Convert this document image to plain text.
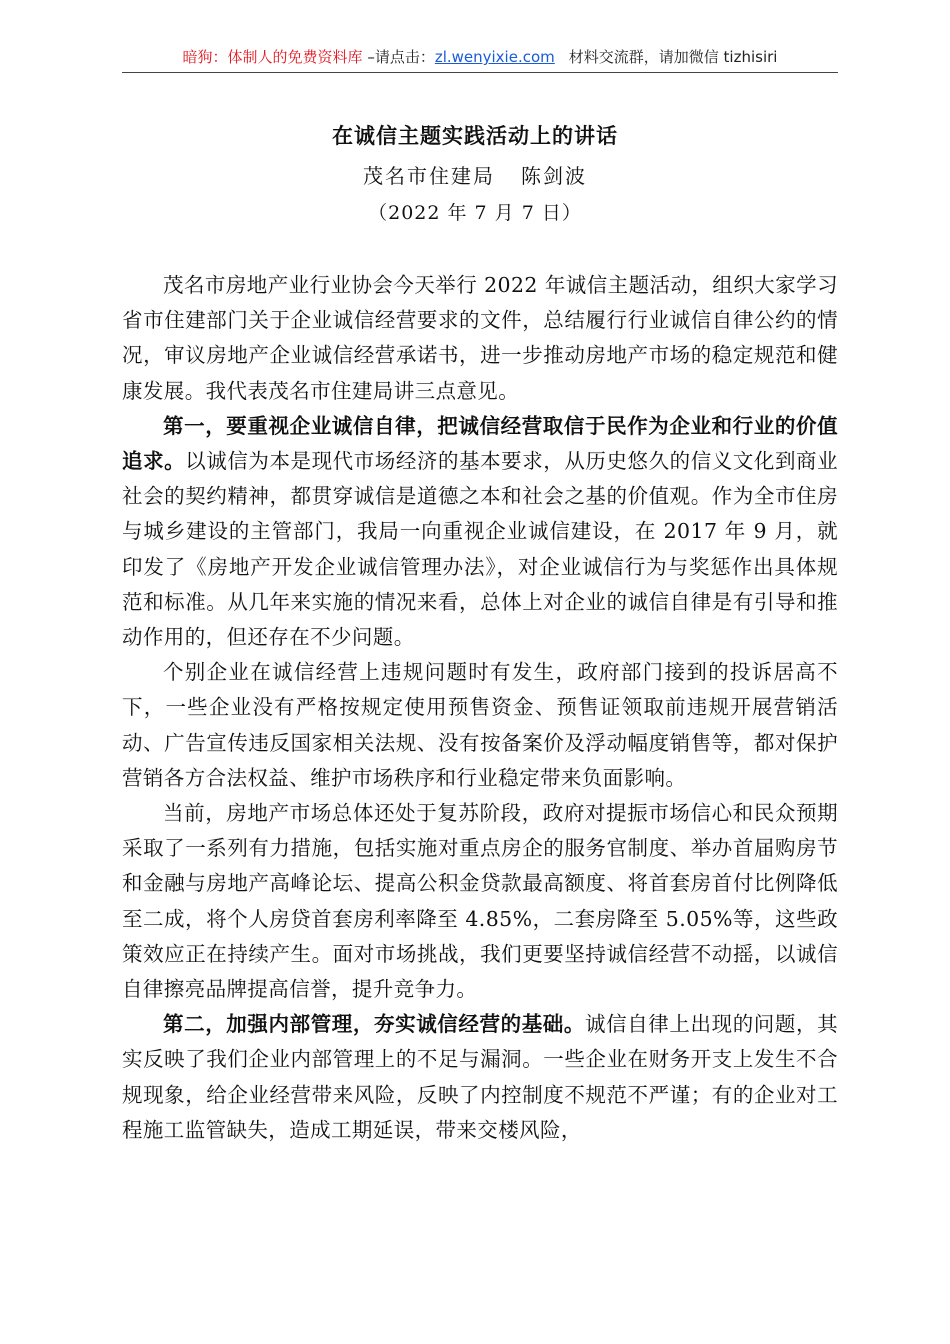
暗狗：体制人的免费资料库 –请点击：zl.wenyixie.com 材料交流群，请加微信 tizhisiri
在诚信主题实践活动上的讲话
茂名市住建局 陈剑波
（2022 年 7 月 7 日）

茂名市房地产业行业协会今天举行 2022 年诚信主题活动，组织大家学习省市住建部门关于企业诚信经营要求的文件，总结履行行业诚信自律公约的情况，审议房地产企业诚信经营承诺书，进一步推动房地产市场的稳定规范和健康发展。我代表茂名市住建局讲三点意见。

第一，要重视企业诚信自律，把诚信经营取信于民作为企业和行业的价值追求。以诚信为本是现代市场经济的基本要求，从历史悠久的信义文化到商业社会的契约精神，都贯穿诚信是道德之本和社会之基的价值观。作为全市住房与城乡建设的主管部门，我局一向重视企业诚信建设，在 2017 年 9 月，就印发了《房地产开发企业诚信管理办法》，对企业诚信行为与奖惩作出具体规范和标准。从几年来实施的情况来看，总体上对企业的诚信自律是有引导和推动作用的，但还存在不少问题。

个别企业在诚信经营上违规问题时有发生，政府部门接到的投诉居高不下，一些企业没有严格按规定使用预售资金、预售证领取前违规开展营销活动、广告宣传违反国家相关法规、没有按备案价及浮动幅度销售等，都对保护营销各方合法权益、维护市场秩序和行业稳定带来负面影响。

当前，房地产市场总体还处于复苏阶段，政府对提振市场信心和民众预期采取了一系列有力措施，包括实施对重点房企的服务官制度、举办首届购房节和金融与房地产高峰论坛、提高公积金贷款最高额度、将首套房首付比例降低至二成，将个人房贷首套房利率降至 4.85%，二套房降至 5.05%等，这些政策效应正在持续产生。面对市场挑战，我们更要坚持诚信经营不动摇，以诚信自律擦亮品牌提高信誉，提升竞争力。

第二，加强内部管理，夯实诚信经营的基础。诚信自律上出现的问题，其实反映了我们企业内部管理上的不足与漏洞。一些企业在财务开支上发生不合规现象，给企业经营带来风险，反映了内控制度不规范不严谨；有的企业对工程施工监管缺失，造成工期延误，带来交楼风险，
